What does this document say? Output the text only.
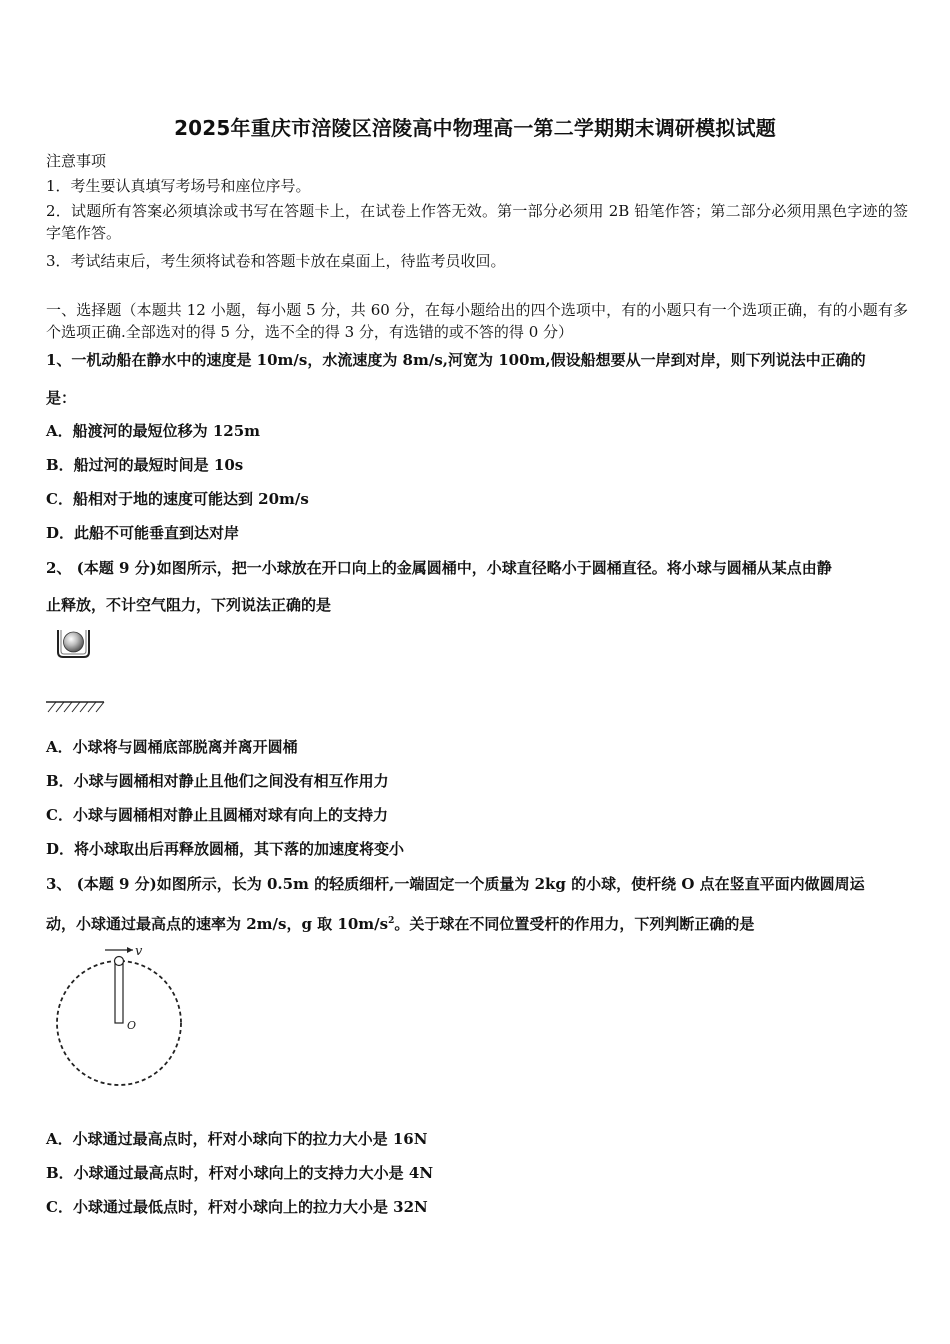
2025年重庆市涪陵区涪陵高中物理高一第二学期期末调研模拟试题
注意事项
1．考生要认真填写考场号和座位序号。
2．试题所有答案必须填涂或书写在答题卡上，在试卷上作答无效。第一部分必须用 2B 铅笔作答；第二部分必须用黑色字迹的签字笔作答。
3．考试结束后，考生须将试卷和答题卡放在桌面上，待监考员收回。
一、选择题（本题共 12 小题，每小题 5 分，共 60 分，在每小题给出的四个选项中，有的小题只有一个选项正确，有的小题有多个选项正确.全部选对的得 5 分，选不全的得 3 分，有选错的或不答的得 0 分）
1、一机动船在静水中的速度是 10m/s，水流速度为 8m/s,河宽为 100m,假设船想要从一岸到对岸，则下列说法中正确的
是：
A．船渡河的最短位移为 125m
B．船过河的最短时间是 10s
C．船相对于地的速度可能达到 20m/s
D．此船不可能垂直到达对岸
2、 (本题 9 分)如图所示，把一小球放在开口向上的金属圆桶中，小球直径略小于圆桶直径。将小球与圆桶从某点由静
止释放，不计空气阻力，下列说法正确的是
A．小球将与圆桶底部脱离并离开圆桶
B．小球与圆桶相对静止且他们之间没有相互作用力
C．小球与圆桶相对静止且圆桶对球有向上的支持力
D．将小球取出后再释放圆桶，其下落的加速度将变小
3、 (本题 9 分)如图所示，长为 0.5m 的轻质细杆,一端固定一个质量为 2kg 的小球，使杆绕 O 点在竖直平面内做圆周运
动，小球通过最高点的速率为 2m/s，g 取 $10m/s^2$。关于球在不同位置受杆的作用力，下列判断正确的是
v
O
A．小球通过最高点时，杆对小球向下的拉力大小是 16N
B．小球通过最高点时，杆对小球向上的支持力大小是 4N
C．小球通过最低点时，杆对小球向上的拉力大小是 32N
